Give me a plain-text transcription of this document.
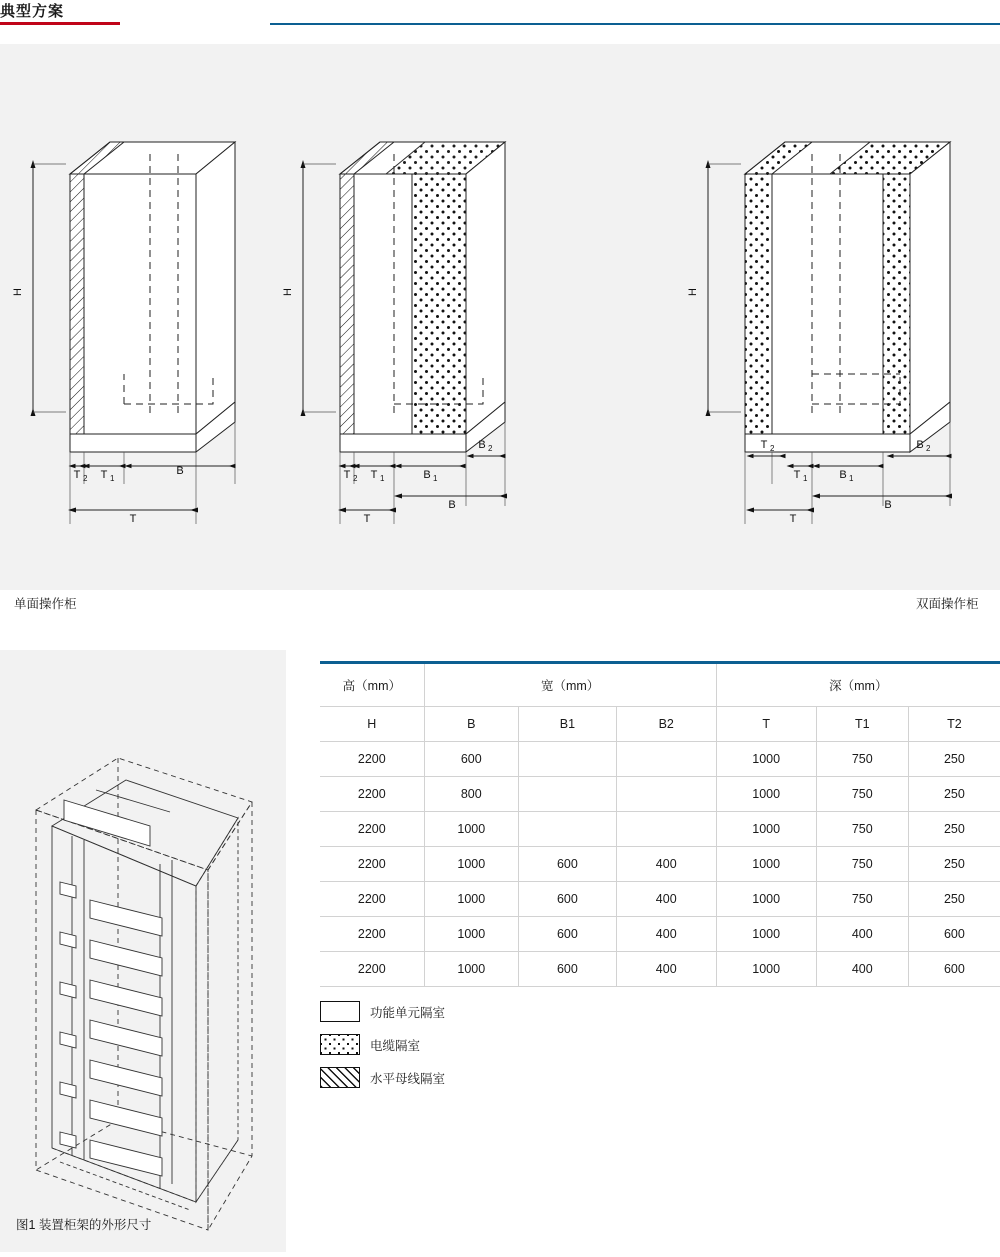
典型方案
H
T 2 T 1
B
T
H
T 2 T 1	B 1
B 2
T
B
H
T 2
T 1	B 1
B 2
T
B
单面操作柜	双面操作柜
图1 装置柜架的外形尺寸
高（mm）	宽（mm）			深（mm）		
H	B	B1	B2	T	T1	T2
2200	600			1000	750	250
2200	800			1000	750	250
2200	1000			1000	750	250
2200	1000	600	400	1000	750	250
2200	1000	600	400	1000	750	250
2200	1000	600	400	1000	400	600
2200	1000	600	400	1000	400	600
功能单元隔室
电缆隔室
水平母线隔室
